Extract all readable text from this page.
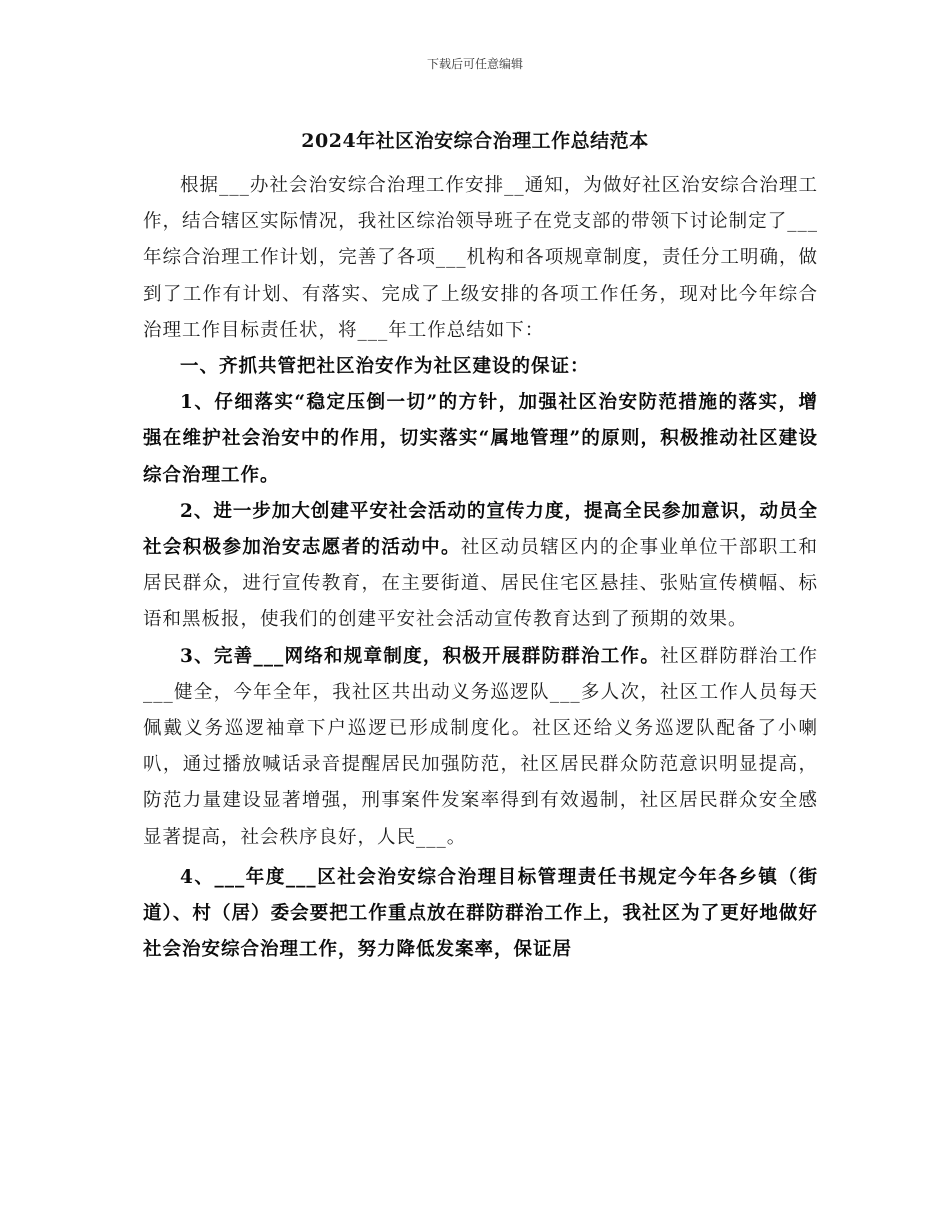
下载后可任意编辑
2024年社区治安综合治理工作总结范本

根据___办社会治安综合治理工作安排__通知，为做好社区治安综合治理工作，结合辖区实际情况，我社区综治领导班子在党支部的带领下讨论制定了___年综合治理工作计划，完善了各项___机构和各项规章制度，责任分工明确，做到了工作有计划、有落实、完成了上级安排的各项工作任务，现对比今年综合治理工作目标责任状，将___年工作总结如下：

一、齐抓共管把社区治安作为社区建设的保证：

1、仔细落实“稳定压倒一切”的方针，加强社区治安防范措施的落实，增强在维护社会治安中的作用，切实落实“属地管理”的原则，积极推动社区建设综合治理工作。

2、进一步加大创建平安社会活动的宣传力度，提高全民参加意识，动员全社会积极参加治安志愿者的活动中。社区动员辖区内的企事业单位干部职工和居民群众，进行宣传教育，在主要街道、居民住宅区悬挂、张贴宣传横幅、标语和黑板报，使我们的创建平安社会活动宣传教育达到了预期的效果。

3、完善___网络和规章制度，积极开展群防群治工作。社区群防群治工作___健全，今年全年，我社区共出动义务巡逻队___多人次，社区工作人员每天佩戴义务巡逻袖章下户巡逻已形成制度化。社区还给义务巡逻队配备了小喇叭，通过播放喊话录音提醒居民加强防范，社区居民群众防范意识明显提高，防范力量建设显著增强，刑事案件发案率得到有效遏制，社区居民群众安全感显著提高，社会秩序良好，人民___。

4、___年度___区社会治安综合治理目标管理责任书规定今年各乡镇（街道）、村（居）委会要把工作重点放在群防群治工作上，我社区为了更好地做好社会治安综合治理工作，努力降低发案率，保证居
